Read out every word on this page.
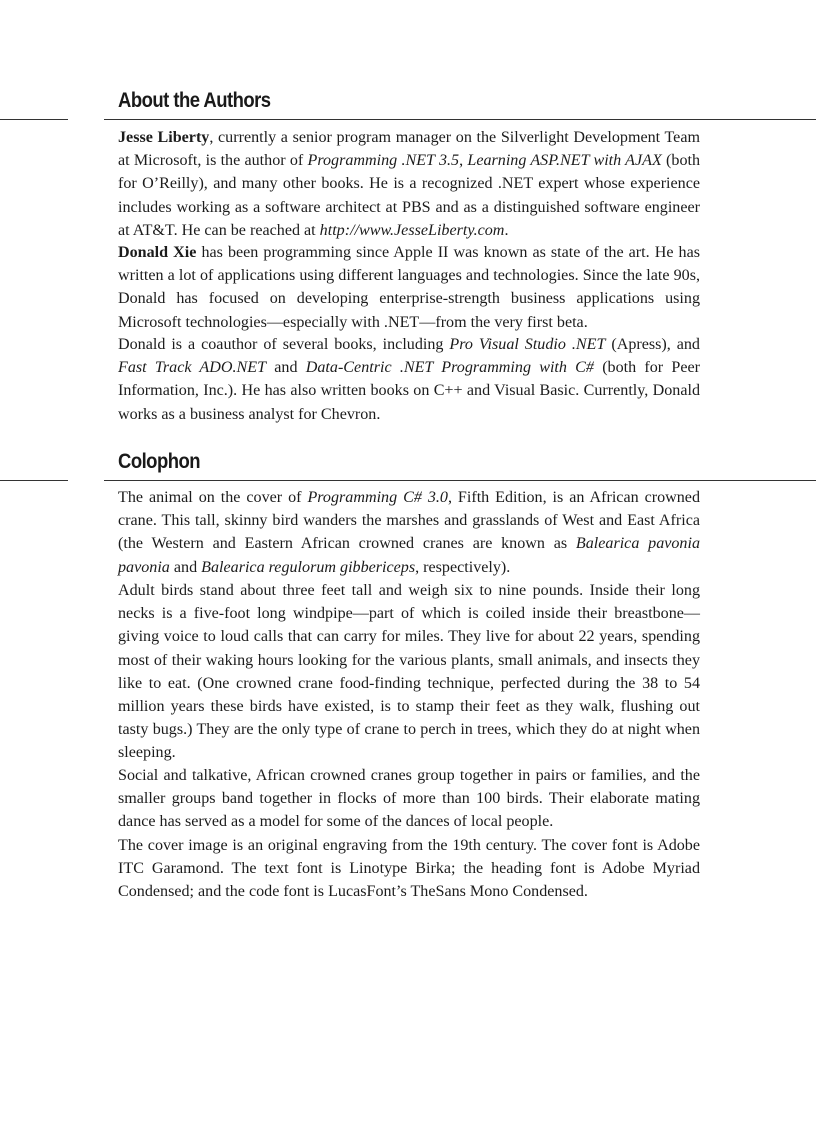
About the Authors

Jesse Liberty, currently a senior program manager on the Silverlight Development Team at Microsoft, is the author of Programming .NET 3.5, Learning ASP.NET with AJAX (both for O’Reilly), and many other books. He is a recognized .NET expert whose experience includes working as a software architect at PBS and as a distinguished software engineer at AT&T. He can be reached at http://www.JesseLiberty.com.

Donald Xie has been programming since Apple II was known as state of the art. He has written a lot of applications using different languages and technologies. Since the late 90s, Donald has focused on developing enterprise-strength business applications using Microsoft technologies—especially with .NET—from the very first beta.

Donald is a coauthor of several books, including Pro Visual Studio .NET (Apress), and Fast Track ADO.NET and Data-Centric .NET Programming with C# (both for Peer Information, Inc.). He has also written books on C++ and Visual Basic. Currently, Donald works as a business analyst for Chevron.

Colophon

The animal on the cover of Programming C# 3.0, Fifth Edition, is an African crowned crane. This tall, skinny bird wanders the marshes and grasslands of West and East Africa (the Western and Eastern African crowned cranes are known as Balearica pavonia pavonia and Balearica regulorum gibbericeps, respectively).

Adult birds stand about three feet tall and weigh six to nine pounds. Inside their long necks is a five-foot long windpipe—part of which is coiled inside their breastbone—giving voice to loud calls that can carry for miles. They live for about 22 years, spending most of their waking hours looking for the various plants, small animals, and insects they like to eat. (One crowned crane food-finding technique, perfected during the 38 to 54 million years these birds have existed, is to stamp their feet as they walk, flushing out tasty bugs.) They are the only type of crane to perch in trees, which they do at night when sleeping.

Social and talkative, African crowned cranes group together in pairs or families, and the smaller groups band together in flocks of more than 100 birds. Their elaborate mating dance has served as a model for some of the dances of local people.

The cover image is an original engraving from the 19th century. The cover font is Adobe ITC Garamond. The text font is Linotype Birka; the heading font is Adobe Myriad Condensed; and the code font is LucasFont’s TheSans Mono Condensed.
